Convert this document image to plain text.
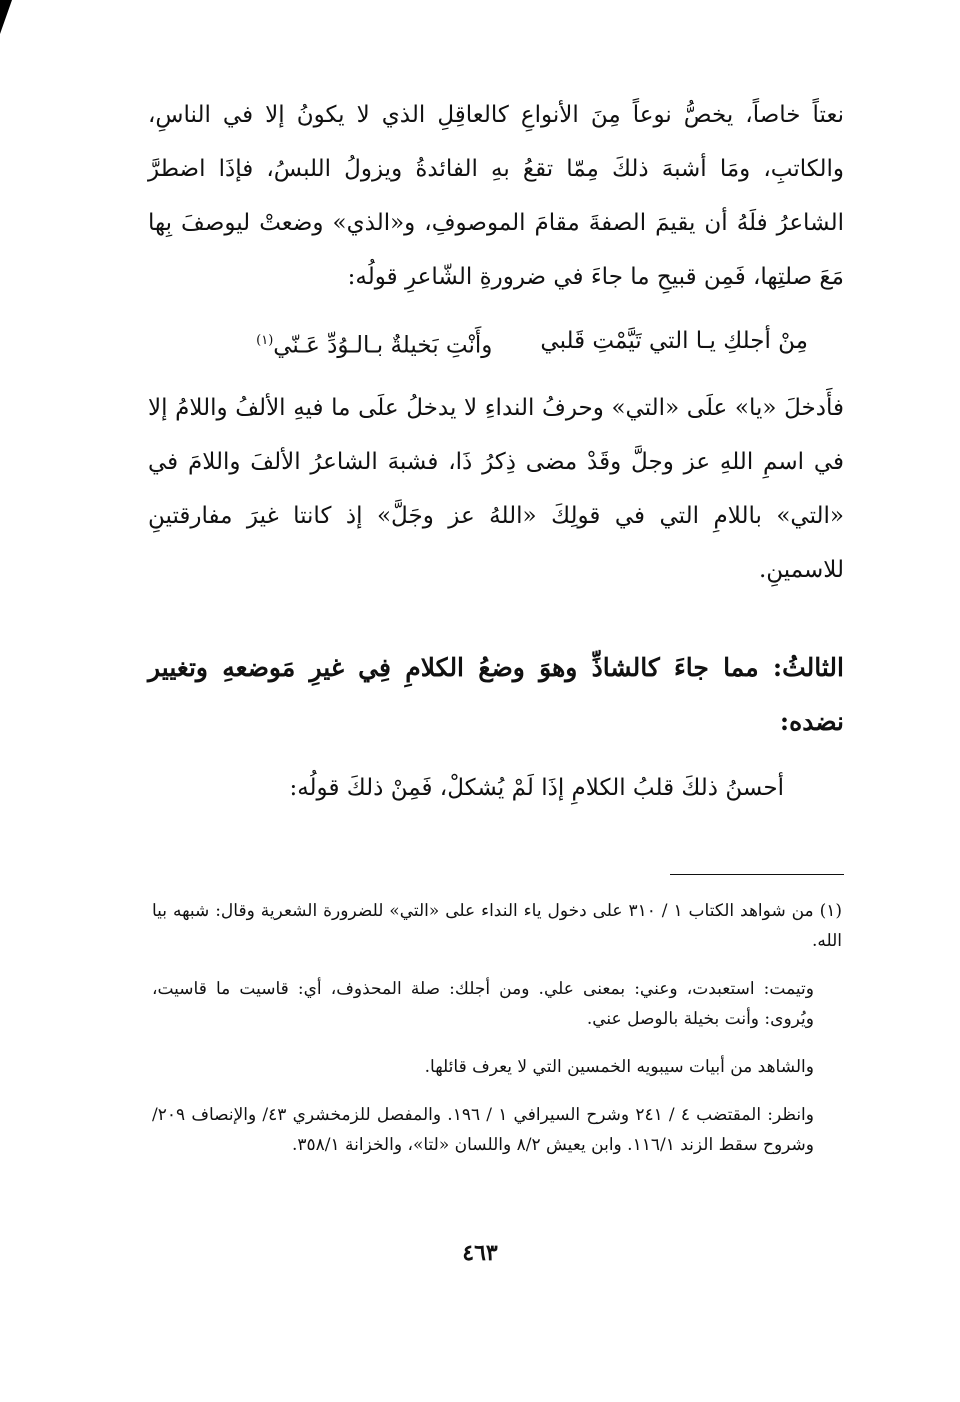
نعتاً خاصاً، يخصُّ نوعاً مِنَ الأنواعِ كالعاقِلِ الذي لا يكونُ إلا في الناسِ، والكاتبِ، ومَا أشبهَ ذلكَ مِمّا تقعُ بهِ الفائدةُ ويزولُ اللبسُ، فإذَا اضطرَّ الشاعرُ فلَهُ أن يقيمَ الصفةَ مقامَ الموصوفِ، و«الذي» وضعتْ ليوصفَ بِها مَعَ صلتِها، فَمِن قبيحِ ما جاءَ في ضرورةِ الشّاعرِ قولُه:

مِنْ أجلكِ يـا التي تَيَّمْتِ قَلبي
وأَنْتِ بَخيلةٌ بـالـوُدِّ عَـنّي$^{(١)}$

فأَدخلَ «يا» علَى «التي» وحرفُ النداءِ لا يدخلُ علَى ما فيهِ الألفُ واللامُ إلا في اسمِ اللهِ عز وجلَّ وقَدْ مضى ذِكرُ ذَا، فشبهَ الشاعرُ الألفَ واللامَ في «التي» باللامِ التي في قولِكَ «اللهُ عز وجَلَّ» إذ كانتا غيرَ مفارقتينِ للاسمينِ.

الثالثُ: مما جاءَ كالشاذِّ وهوَ وضعُ الكلامِ فِي غيرِ مَوضعهِ وتغيير نضده:

أحسنُ ذلكَ قلبُ الكلامِ إذَا لَمْ يُشكلْ، فَمِنْ ذلكَ قولُه:

(١) من شواهد الكتاب ١ / ٣١٠ على دخول ياء النداء على «التي» للضرورة الشعرية وقال: شبهه بيا الله.

وتيمت: استعبدت، وعني: بمعنى علي. ومن أجلك: صلة المحذوف، أي: قاسيت ما قاسيت، ويُروى: وأنت بخيلة بالوصل عني.

والشاهد من أبيات سيبويه الخمسين التي لا يعرف قائلها.

وانظر: المقتضب ٤ / ٢٤١ وشرح السيرافي ١ / ١٩٦. والمفصل للزمخشري ٤٣/ والإنصاف ٢٠٩/ وشروح سقط الزند ١١٦/١. وابن يعيش ٨/٢ واللسان «لتا»، والخزانة ٣٥٨/١.

٤٦٣
